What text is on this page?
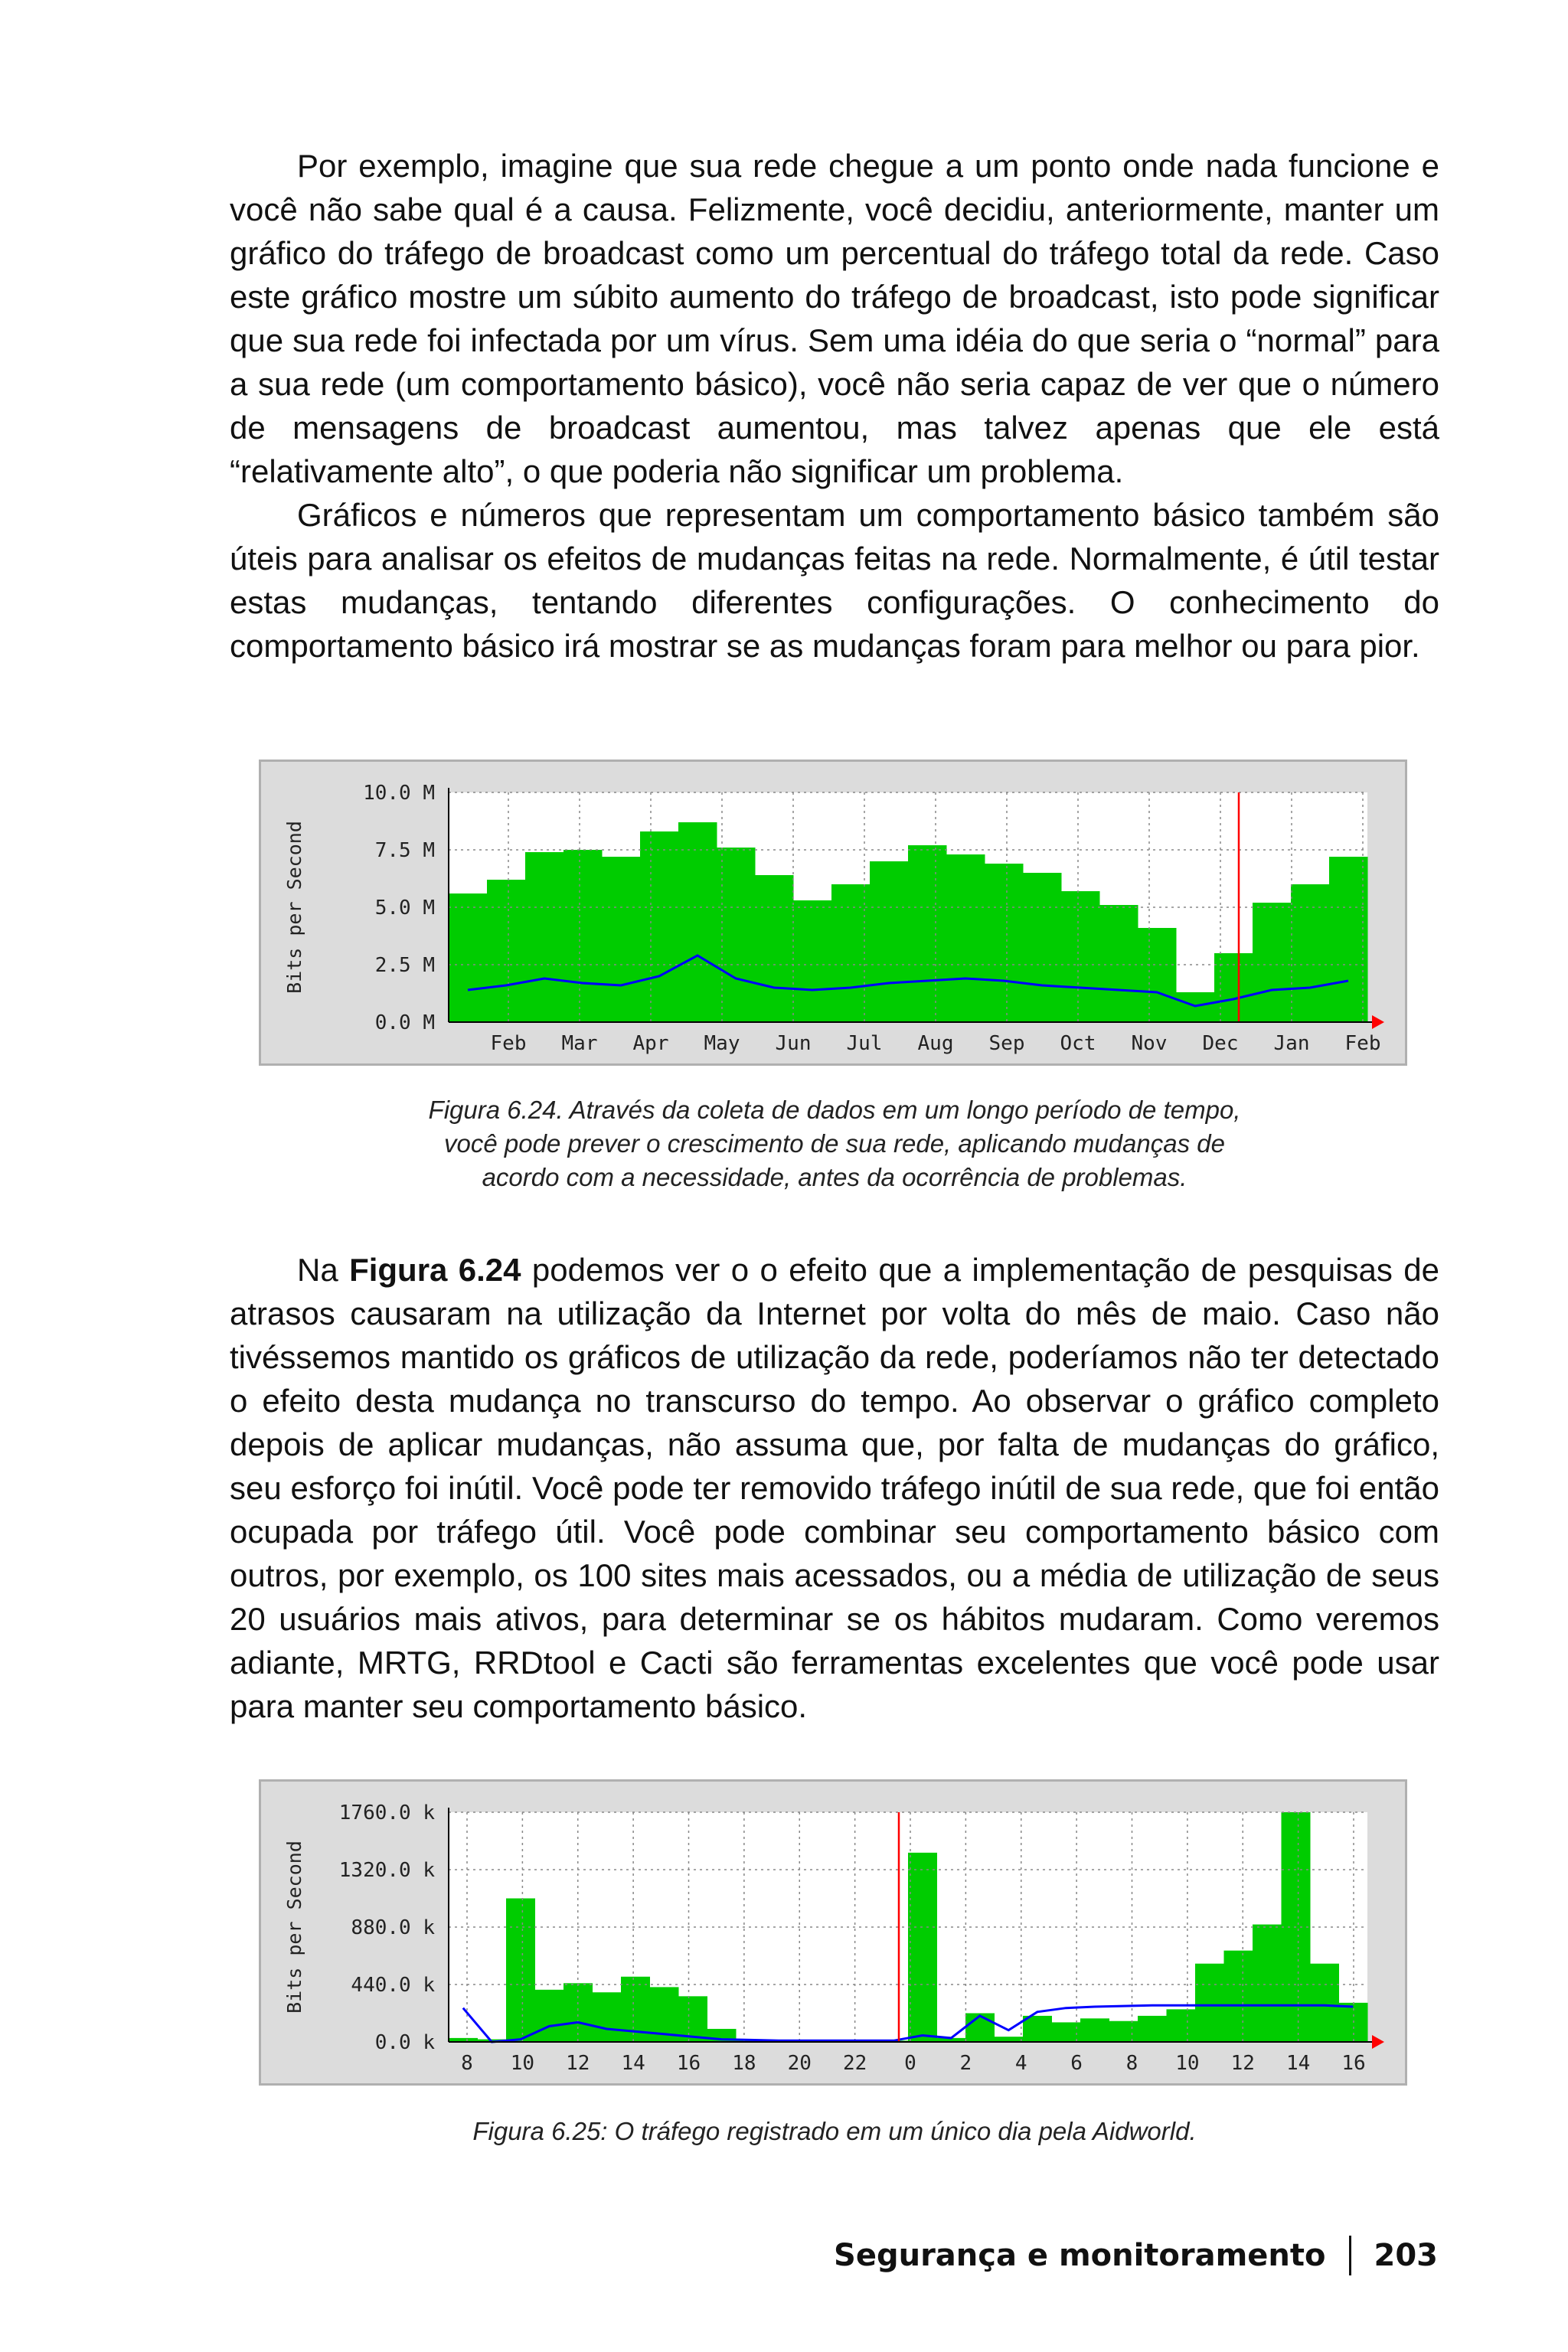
Por exemplo, imagine que sua rede chegue a um ponto onde nada funcione e você não sabe qual é a causa. Felizmente, você decidiu, anteriormente, manter um gráfico do tráfego de broadcast como um percentual do tráfego total da rede. Caso este gráfico mostre um súbito aumento do tráfego de broadcast, isto pode significar que sua rede foi infectada por um vírus. Sem uma idéia do que seria o “normal” para a sua rede (um comportamento básico), você não seria capaz de ver que o número de mensagens de broadcast aumentou, mas talvez apenas que ele está “relativamente alto”, o que poderia não significar um problema.

Gráficos e números que representam um comportamento básico também são úteis para analisar os efeitos de mudanças feitas na rede. Normalmente, é útil testar estas mudanças, tentando diferentes configurações. O conhecimento do comportamento básico irá mostrar se as mudanças foram para melhor ou para pior.

0.0 M
2.5 M
5.0 M
7.5 M
10.0 M
Feb Mar Apr May Jun Jul Aug Sep Oct Nov Dec Jan Feb
Bits per Second
Figura 6.24. Através da coleta de dados em um longo período de tempo,
você pode prever o crescimento de sua rede, aplicando mudanças de
acordo com a necessidade, antes da ocorrência de problemas.

Na Figura 6.24 podemos ver o o efeito que a implementação de pesquisas de atrasos causaram na utilização da Internet por volta do mês de maio. Caso não tivéssemos mantido os gráficos de utilização da rede, poderíamos não ter detectado o efeito desta mudança no transcurso do tempo. Ao observar o gráfico completo depois de aplicar mudanças, não assuma que, por falta de mudanças do gráfico, seu esforço foi inútil. Você pode ter removido tráfego inútil de sua rede, que foi então ocupada por tráfego útil. Você pode combinar seu comportamento básico com outros, por exemplo, os 100 sites mais acessados, ou a média de utilização de seus 20 usuários mais ativos, para determinar se os hábitos mudaram. Como veremos adiante, MRTG, RRDtool e Cacti são ferramentas excelentes que você pode usar para manter seu comportamento básico.

0.0 k
440.0 k
880.0 k
1320.0 k
1760.0 k
8 10 12 14 16 18 20 22 0 2 4 6 8 10 12 14 16
Bits per Second
Figura 6.25: O tráfego registrado em um único dia pela Aidworld.
Segurança e monitoramento 203
